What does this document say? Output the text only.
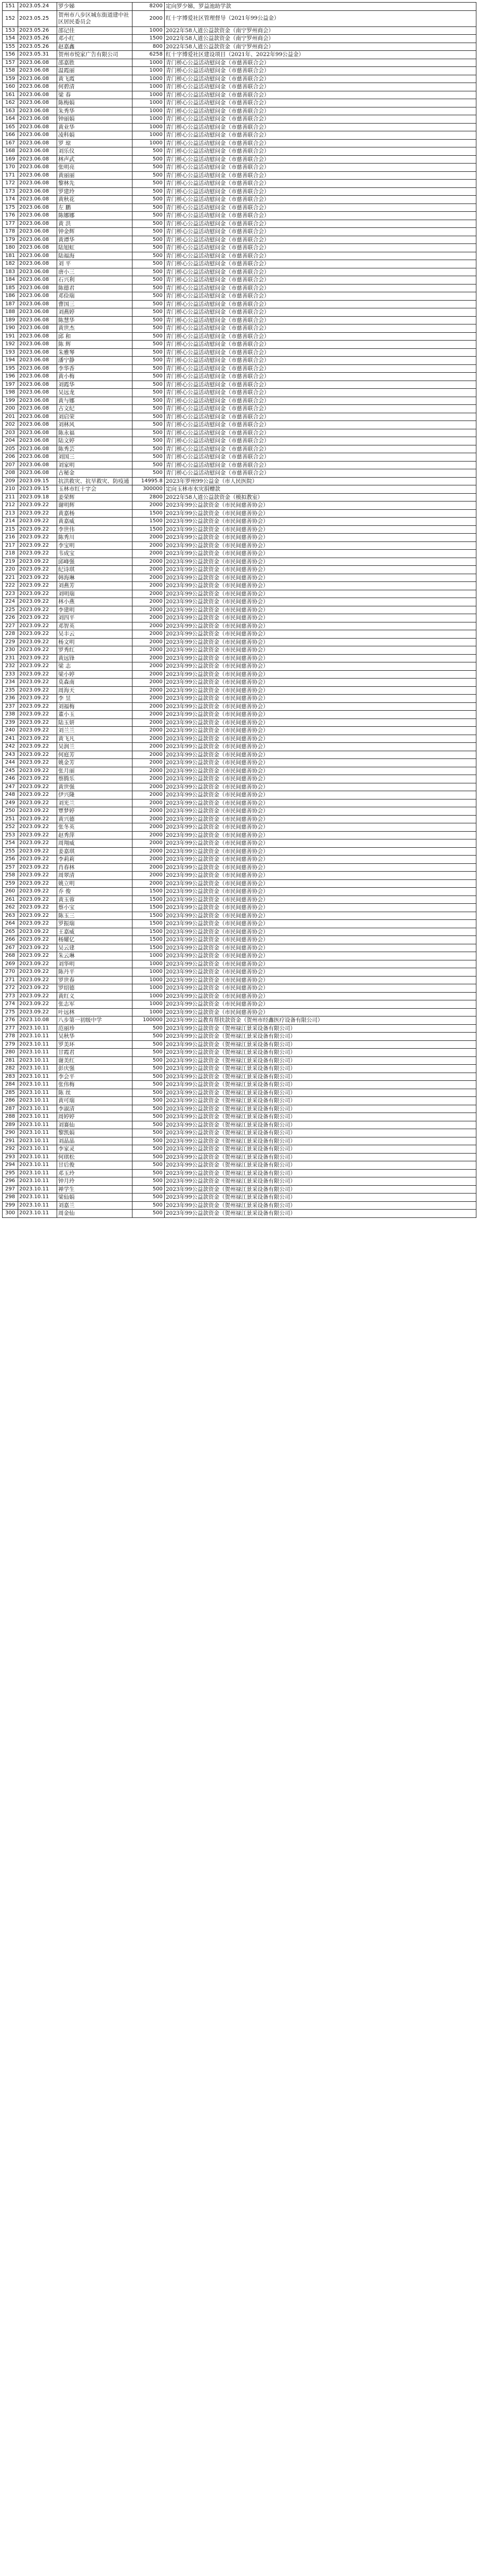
151	2023.05.24	罗少娣	8200	定向罗少娣，罗益池助学款
152	2023.05.25	贺州市八步区城东街道建中社区居民委员会	2000	红十字博爱社区管理督导（2021年99公益金）
153	2023.05.26	邵记佳	1000	2022年58人道公益款资金（南宁罗州商会）
154	2023.05.26	邓小红	1500	2022年58人道公益款资金（南宁罗州商会）
155	2023.05.26	赵嘉鑫	800	2022年58人道公益款资金（南宁罗州商会）
156	2023.05.31	贺州市悦家广告有限公司	6258	红十字博爱社区建设项目（2021年、2022年99公益金）
157	2023.06.08	邵嘉胜	1000	青门桥心公益活动慰问金（市慈善联合会）
158	2023.06.08	温霞丽	1000	青门桥心公益活动慰问金（市慈善联合会）
159	2023.06.08	黄飞霞	1000	青门桥心公益活动慰问金（市慈善联合会）
160	2023.06.08	何碧清	1000	青门桥心公益活动慰问金（市慈善联合会）
161	2023.06.08	梁 春	1000	青门桥心公益活动慰问金（市慈善联合会）
162	2023.06.08	陈梅娟	1000	青门桥心公益活动慰问金（市慈善联合会）
163	2023.06.08	朱秀华	1000	青门桥心公益活动慰问金（市慈善联合会）
164	2023.06.08	钟丽娟	1000	青门桥心公益活动慰问金（市慈善联合会）
165	2023.06.08	黄业华	1000	青门桥心公益活动慰问金（市慈善联合会）
166	2023.06.08	凌科娟	1000	青门桥心公益活动慰问金（市慈善联合会）
167	2023.06.08	罗 琼	1000	青门桥心公益活动慰问金（市慈善联合会）
168	2023.06.08	刘乐仪	500	青门桥心公益活动慰问金（市慈善联合会）
169	2023.06.08	林声武	500	青门桥心公益活动慰问金（市慈善联合会）
170	2023.06.08	张明亮	500	青门桥心公益活动慰问金（市慈善联合会）
171	2023.06.08	黄丽丽	500	青门桥心公益活动慰问金（市慈善联合会）
172	2023.06.08	黎林先	500	青门桥心公益活动慰问金（市慈善联合会）
173	2023.06.08	罗建玲	500	青门桥心公益活动慰问金（市慈善联合会）
174	2023.06.08	黄秋花	500	青门桥心公益活动慰问金（市慈善联合会）
175	2023.06.08	左 鹏	500	青门桥心公益活动慰问金（市慈善联合会）
176	2023.06.08	陈娜娜	500	青门桥心公益活动慰问金（市慈善联合会）
177	2023.06.08	黄 洪	500	青门桥心公益活动慰问金（市慈善联合会）
178	2023.06.08	钟金辉	500	青门桥心公益活动慰问金（市慈善联合会）
179	2023.06.08	黄谭华	500	青门桥心公益活动慰问金（市慈善联合会）
180	2023.06.08	陆旭虹	500	青门桥心公益活动慰问金（市慈善联合会）
181	2023.06.08	陆福海	500	青门桥心公益活动慰问金（市慈善联合会）
182	2023.06.08	刘 平	500	青门桥心公益活动慰问金（市慈善联合会）
183	2023.06.08	唐小三	500	青门桥心公益活动慰问金（市慈善联合会）
184	2023.06.08	石兴利	500	青门桥心公益活动慰问金（市慈善联合会）
185	2023.06.08	陈德君	500	青门桥心公益活动慰问金（市慈善联合会）
186	2023.06.08	邓俭瑞	500	青门桥心公益活动慰问金（市慈善联合会）
187	2023.06.08	曹国三	500	青门桥心公益活动慰问金（市慈善联合会）
188	2023.06.08	刘燕婷	500	青门桥心公益活动慰问金（市慈善联合会）
189	2023.06.08	陈慧华	500	青门桥心公益活动慰问金（市慈善联合会）
190	2023.06.08	黄世杰	500	青门桥心公益活动慰问金（市慈善联合会）
191	2023.06.08	邱 和	500	青门桥心公益活动慰问金（市慈善联合会）
192	2023.06.08	陈 辉	500	青门桥心公益活动慰问金（市慈善联合会）
193	2023.06.08	朱雅琴	500	青门桥心公益活动慰问金（市慈善联合会）
194	2023.06.08	潘宁静	500	青门桥心公益活动慰问金（市慈善联合会）
195	2023.06.08	李华香	500	青门桥心公益活动慰问金（市慈善联合会）
196	2023.06.08	黄小梅	500	青门桥心公益活动慰问金（市慈善联合会）
197	2023.06.08	刘霞华	500	青门桥心公益活动慰问金（市慈善联合会）
198	2023.06.08	吴远龙	500	青门桥心公益活动慰问金（市慈善联合会）
199	2023.06.08	黄与娜	500	青门桥心公益活动慰问金（市慈善联合会）
200	2023.06.08	古文纪	500	青门桥心公益活动慰问金（市慈善联合会）
201	2023.06.08	刘启荣	500	青门桥心公益活动慰问金（市慈善联合会）
202	2023.06.08	刘林风	500	青门桥心公益活动慰问金（市慈善联合会）
203	2023.06.08	陈永福	500	青门桥心公益活动慰问金（市慈善联合会）
204	2023.06.08	陆文婷	500	青门桥心公益活动慰问金（市慈善联合会）
205	2023.06.08	陈秀芸	500	青门桥心公益活动慰问金（市慈善联合会）
206	2023.06.08	刘国三	500	青门桥心公益活动慰问金（市慈善联合会）
207	2023.06.08	刘家明	500	青门桥心公益活动慰问金（市慈善联合会）
208	2023.06.08	古秘金	500	青门桥心公益活动慰问金（市慈善联合会）
209	2023.09.15	抗洪救灾、抗旱救灾、防疫通	14995.8	2023年罗州99公益金（市人民医院）
210	2023.09.15	玉林市红十字会	300000	定向玉林市水灾捐赠款
211	2023.09.18	姜荣辉	2800	2022年58人道公益款资金（模拟教室）
212	2023.09.22	谢明辉	2000	2023年99公益款资金（市民间慈善协会）
213	2023.09.22	黄嘉杨	1500	2023年99公益款资金（市民间慈善协会）
214	2023.09.22	黄嘉威	1500	2023年99公益款资金（市民间慈善协会）
215	2023.09.22	李世伟	1500	2023年99公益款资金（市民间慈善协会）
216	2023.09.22	陈秀川	2000	2023年99公益款资金（市民间慈善协会）
217	2023.09.22	李宝明	2000	2023年99公益款资金（市民间慈善协会）
218	2023.09.22	韦成宝	2000	2023年99公益款资金（市民间慈善协会）
219	2023.09.22	邱峰强	2000	2023年99公益款资金（市民间慈善协会）
220	2023.09.22	纪诗琪	2000	2023年99公益款资金（市民间慈善协会）
221	2023.09.22	韩海琳	2000	2023年99公益款资金（市民间慈善协会）
222	2023.09.22	刘燕芳	2000	2023年99公益款资金（市民间慈善协会）
223	2023.09.22	刘明瑞	2000	2023年99公益款资金（市民间慈善协会）
224	2023.09.22	林小燕	2000	2023年99公益款资金（市民间慈善协会）
225	2023.09.22	李建明	2000	2023年99公益款资金（市民间慈善协会）
226	2023.09.22	刘四平	2000	2023年99公益款资金（市民间慈善协会）
227	2023.09.22	邓智英	2000	2023年99公益款资金（市民间慈善协会）
228	2023.09.22	吴丰云	2000	2023年99公益款资金（市民间慈善协会）
229	2023.09.22	杨文明	2000	2023年99公益款资金（市民间慈善协会）
230	2023.09.22	罗秀红	2000	2023年99公益款资金（市民间慈善协会）
231	2023.09.22	黄远锋	2000	2023年99公益款资金（市民间慈善协会）
232	2023.09.22	梁 志	2000	2023年99公益款资金（市民间慈善协会）
233	2023.09.22	梁小婷	2000	2023年99公益款资金（市民间慈善协会）
234	2023.09.22	莫森南	2000	2023年99公益款资金（市民间慈善协会）
235	2023.09.22	周海天	2000	2023年99公益款资金（市民间慈善协会）
236	2023.09.22	李 昱	2000	2023年99公益款资金（市民间慈善协会）
237	2023.09.22	刘福梅	2000	2023年99公益款资金（市民间慈善协会）
238	2023.09.22	董小玉	2000	2023年99公益款资金（市民间慈善协会）
239	2023.09.22	陆玉妍	2000	2023年99公益款资金（市民间慈善协会）
240	2023.09.22	刘兰兰	2000	2023年99公益款资金（市民间慈善协会）
241	2023.09.22	黄飞凡	2000	2023年99公益款资金（市民间慈善协会）
242	2023.09.22	吴润兰	2000	2023年99公益款资金（市民间慈善协会）
243	2023.09.22	何庭芳	2000	2023年99公益款资金（市民间慈善协会）
244	2023.09.22	姚金芳	2000	2023年99公益款资金（市民间慈善协会）
245	2023.09.22	张月丽	2000	2023年99公益款资金（市民间慈善协会）
246	2023.09.22	蔡腾乐	2000	2023年99公益款资金（市民间慈善协会）
247	2023.09.22	黄世强	2000	2023年99公益款资金（市民间慈善协会）
248	2023.09.22	伊兴隆	2000	2023年99公益款资金（市民间慈善协会）
249	2023.09.22	刘光兰	2000	2023年99公益款资金（市民间慈善协会）
250	2023.09.22	覃梦婷	2000	2023年99公益款资金（市民间慈善协会）
251	2023.09.22	黄兴德	2000	2023年99公益款资金（市民间慈善协会）
252	2023.09.22	张冬英	2000	2023年99公益款资金（市民间慈善协会）
253	2023.09.22	赵秀萍	2000	2023年99公益款资金（市民间慈善协会）
254	2023.09.22	周翔威	2000	2023年99公益款资金（市民间慈善协会）
255	2023.09.22	姜嘉琪	2000	2023年99公益款资金（市民间慈善协会）
256	2023.09.22	李莉莉	2000	2023年99公益款资金（市民间慈善协会）
257	2023.09.22	肖春林	2000	2023年99公益款资金（市民间慈善协会）
258	2023.09.22	周翠清	2000	2023年99公益款资金（市民间慈善协会）
259	2023.09.22	姚立明	2000	2023年99公益款资金（市民间慈善协会）
260	2023.09.22	乔 俊	1500	2023年99公益款资金（市民间慈善协会）
261	2023.09.22	黄玉蓉	1500	2023年99公益款资金（市民间慈善协会）
262	2023.09.22	蔡小宝	1500	2023年99公益款资金（市民间慈善协会）
263	2023.09.22	陈玉三	1500	2023年99公益款资金（市民间慈善协会）
264	2023.09.22	罗振瑞	1500	2023年99公益款资金（市民间慈善协会）
265	2023.09.22	王嘉威	1500	2023年99公益款资金（市民间慈善协会）
266	2023.09.22	杨耀亿	1500	2023年99公益款资金（市民间慈善协会）
267	2023.09.22	吴云建	1500	2023年99公益款资金（市民间慈善协会）
268	2023.09.22	朱云琳	1000	2023年99公益款资金（市民间慈善协会）
269	2023.09.22	刘华明	1000	2023年99公益款资金（市民间慈善协会）
270	2023.09.22	陈丹平	1000	2023年99公益款资金（市民间慈善协会）
271	2023.09.22	罗世春	1000	2023年99公益款资金（市民间慈善协会）
272	2023.09.22	罗绍德	1000	2023年99公益款资金（市民间慈善协会）
273	2023.09.22	黄红义	1000	2023年99公益款资金（市民间慈善协会）
274	2023.09.22	张志军	1000	2023年99公益款资金（市民间慈善协会）
275	2023.09.22	叶远林	1000	2023年99公益款资金（市民间慈善协会）
276	2023.10.08	八步第一初级中学	100000	2023年99公益教育帮扶款资金（贺州市经鑫医疗设备有限公司）
277	2023.10.11	范丽珍	500	2023年99公益款资金（贺州禄江景采设备有限公司）
278	2023.10.11	吴秋华	500	2023年99公益款资金（贺州禄江景采设备有限公司）
279	2023.10.11	罗美环	500	2023年99公益款资金（贺州禄江景采设备有限公司）
280	2023.10.11	甘霞君	500	2023年99公益款资金（贺州禄江景采设备有限公司）
281	2023.10.11	谢美红	500	2023年99公益款资金（贺州禄江景采设备有限公司）
282	2023.10.11	彭庆强	500	2023年99公益款资金（贺州禄江景采设备有限公司）
283	2023.10.11	李会平	500	2023年99公益款资金（贺州禄江景采设备有限公司）
284	2023.10.11	张伟梅	500	2023年99公益款资金（贺州禄江景采设备有限公司）
285	2023.10.11	陈 丝	500	2023年99公益款资金（贺州禄江景采设备有限公司）
286	2023.10.11	黄可瑞	500	2023年99公益款资金（贺州禄江景采设备有限公司）
287	2023.10.11	李淑清	500	2023年99公益款资金（贺州禄江景采设备有限公司）
288	2023.10.11	周婷婷	500	2023年99公益款资金（贺州禄江景采设备有限公司）
289	2023.10.11	刘赛仙	500	2023年99公益款资金（贺州禄江景采设备有限公司）
290	2023.10.11	黎凯娟	500	2023年99公益款资金（贺州禄江景采设备有限公司）
291	2023.10.11	刘晶晶	500	2023年99公益款资金（贺州禄江景采设备有限公司）
292	2023.10.11	李家灵	500	2023年99公益款资金（贺州禄江景采设备有限公司）
293	2023.10.11	何琪松	500	2023年99公益款资金（贺州禄江景采设备有限公司）
294	2023.10.11	甘后俊	500	2023年99公益款资金（贺州禄江景采设备有限公司）
295	2023.10.11	邓玉玲	500	2023年99公益款资金（贺州禄江景采设备有限公司）
296	2023.10.11	钟月玲	500	2023年99公益款资金（贺州禄江景采设备有限公司）
297	2023.10.11	禅学生	500	2023年99公益款资金（贺州禄江景采设备有限公司）
298	2023.10.11	梁仙娟	500	2023年99公益款资金（贺州禄江景采设备有限公司）
299	2023.10.11	刘嘉兰	500	2023年99公益款资金（贺州禄江景采设备有限公司）
300	2023.10.11	周金仙	500	2023年99公益款资金（贺州禄江景采设备有限公司）
